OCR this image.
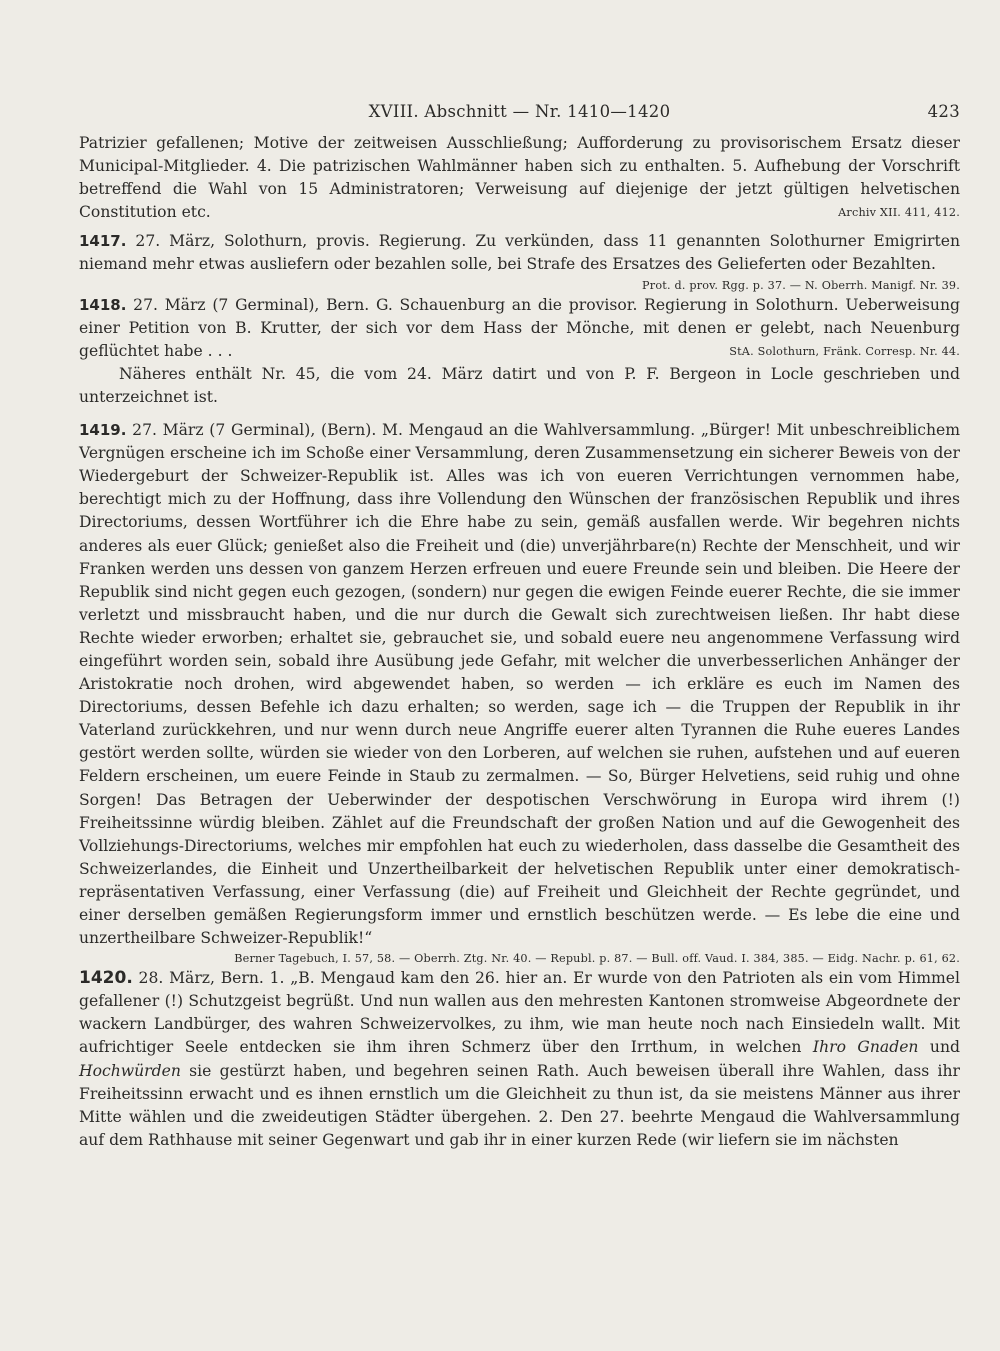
XVIII. Abschnitt — Nr. 1410—1420	423

Patrizier gefallenen; Motive der zeitweisen Ausschließung; Aufforderung zu provisorischem Ersatz dieser Municipal-Mitglieder. 4. Die patrizischen Wahlmänner haben sich zu enthalten. 5. Aufhebung der Vorschrift betreffend die Wahl von 15 Administratoren; Verweisung auf diejenige der jetzt gültigen helvetischen Constitution etc.	Archiv XII. 411, 412.

1417. 27. März, Solothurn, provis. Regierung. Zu verkünden, dass 11 genannten Solothurner Emigrirten niemand mehr etwas ausliefern oder bezahlen solle, bei Strafe des Ersatzes des Gelieferten oder Bezahlten.

Prot. d. prov. Rgg. p. 37. — N. Oberrh. Manigf. Nr. 39.

1418. 27. März (7 Germinal), Bern. G. Schauenburg an die provisor. Regierung in Solothurn. Ueberweisung einer Petition von B. Krutter, der sich vor dem Hass der Mönche, mit denen er gelebt, nach Neuenburg geflüchtet habe . . .	StA. Solothurn, Fränk. Corresp. Nr. 44.

Näheres enthält Nr. 45, die vom 24. März datirt und von P. F. Bergeon in Locle geschrieben und unterzeichnet ist.

1419. 27. März (7 Germinal), (Bern). M. Mengaud an die Wahlversammlung. „Bürger! Mit unbeschreiblichem Vergnügen erscheine ich im Schoße einer Versammlung, deren Zusammensetzung ein sicherer Beweis von der Wiedergeburt der Schweizer-Republik ist. Alles was ich von eueren Verrichtungen vernommen habe, berechtigt mich zu der Hoffnung, dass ihre Vollendung den Wünschen der französischen Republik und ihres Directoriums, dessen Wortführer ich die Ehre habe zu sein, gemäß ausfallen werde. Wir begehren nichts anderes als euer Glück; genießet also die Freiheit und (die) unverjährbare(n) Rechte der Menschheit, und wir Franken werden uns dessen von ganzem Herzen erfreuen und euere Freunde sein und bleiben. Die Heere der Republik sind nicht gegen euch gezogen, (sondern) nur gegen die ewigen Feinde euerer Rechte, die sie immer verletzt und missbraucht haben, und die nur durch die Gewalt sich zurechtweisen ließen. Ihr habt diese Rechte wieder erworben; erhaltet sie, gebrauchet sie, und sobald euere neu angenommene Verfassung wird eingeführt worden sein, sobald ihre Ausübung jede Gefahr, mit welcher die unverbesserlichen Anhänger der Aristokratie noch drohen, wird abgewendet haben, so werden — ich erkläre es euch im Namen des Directoriums, dessen Befehle ich dazu erhalten; so werden, sage ich — die Truppen der Republik in ihr Vaterland zurückkehren, und nur wenn durch neue Angriffe euerer alten Tyrannen die Ruhe eueres Landes gestört werden sollte, würden sie wieder von den Lorberen, auf welchen sie ruhen, aufstehen und auf eueren Feldern erscheinen, um euere Feinde in Staub zu zermalmen. — So, Bürger Helvetiens, seid ruhig und ohne Sorgen! Das Betragen der Ueberwinder der despotischen Verschwörung in Europa wird ihrem (!) Freiheitssinne würdig bleiben. Zählet auf die Freundschaft der großen Nation und auf die Gewogenheit des Vollziehungs-Directoriums, welches mir empfohlen hat euch zu wiederholen, dass dasselbe die Gesamtheit des Schweizerlandes, die Einheit und Unzertheilbarkeit der helvetischen Republik unter einer demokratisch-repräsentativen Verfassung, einer Verfassung (die) auf Freiheit und Gleichheit der Rechte gegründet, und einer derselben gemäßen Regierungsform immer und ernstlich beschützen werde. — Es lebe die eine und unzertheilbare Schweizer-Republik!“

Berner Tagebuch, I. 57, 58. — Oberrh. Ztg. Nr. 40. — Republ. p. 87. — Bull. off. Vaud. I. 384, 385. — Eidg. Nachr. p. 61, 62.

1420. 28. März, Bern. 1. „B. Mengaud kam den 26. hier an. Er wurde von den Patrioten als ein vom Himmel gefallener (!) Schutzgeist begrüßt. Und nun wallen aus den mehresten Kantonen stromweise Abgeordnete der wackern Landbürger, des wahren Schweizervolkes, zu ihm, wie man heute noch nach Einsiedeln wallt. Mit aufrichtiger Seele entdecken sie ihm ihren Schmerz über den Irrthum, in welchen Ihro Gnaden und Hochwürden sie gestürzt haben, und begehren seinen Rath. Auch beweisen überall ihre Wahlen, dass ihr Freiheitssinn erwacht und es ihnen ernstlich um die Gleichheit zu thun ist, da sie meistens Männer aus ihrer Mitte wählen und die zweideutigen Städter übergehen. 2. Den 27. beehrte Mengaud die Wahlversammlung auf dem Rathhause mit seiner Gegenwart und gab ihr in einer kurzen Rede (wir liefern sie im nächsten
